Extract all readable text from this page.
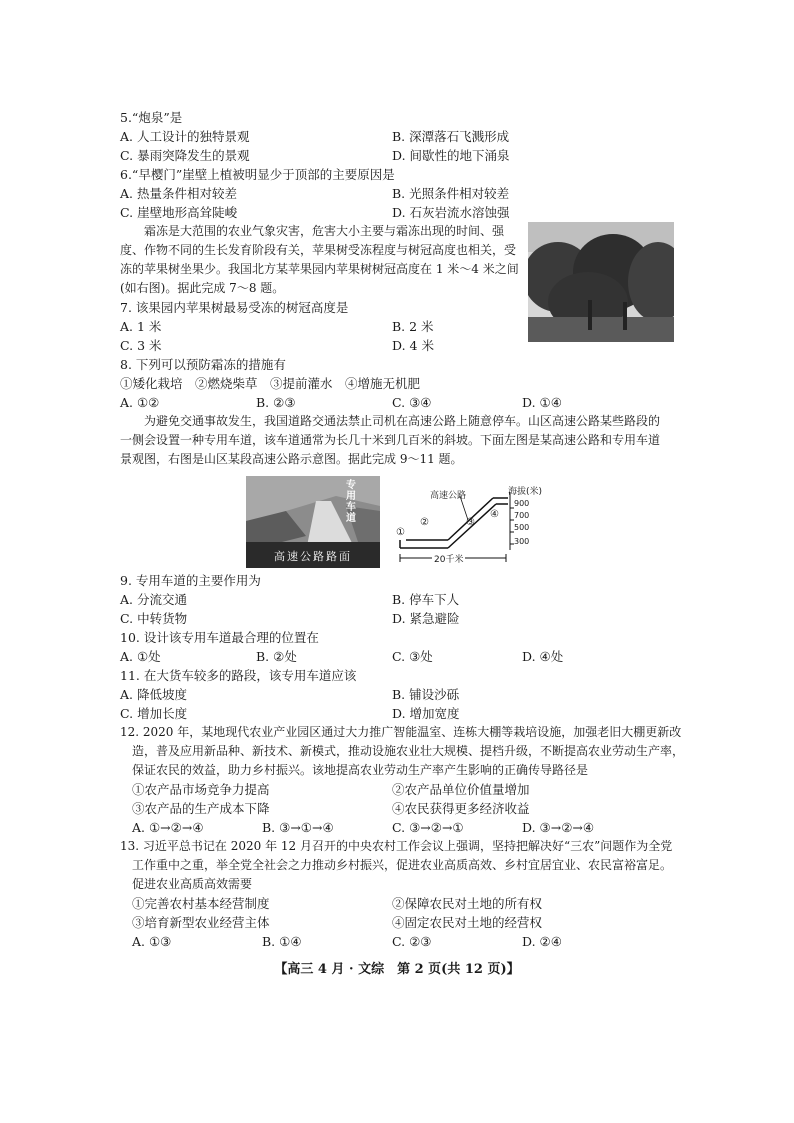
5.“炮泉”是
A. 人工设计的独特景观	B. 深潭落石飞溅形成
C. 暴雨突降发生的景观	D. 间歇性的地下涌泉
6.“早樱门”崖壁上植被明显少于顶部的主要原因是
A. 热量条件相对较差	B. 光照条件相对较差
C. 崖壁地形高耸陡峻	D. 石灰岩流水溶蚀强
霜冻是大范围的农业气象灾害，危害大小主要与霜冻出现的时间、强
度、作物不同的生长发育阶段有关，苹果树受冻程度与树冠高度也相关，受
冻的苹果树坐果少。我国北方某苹果园内苹果树树冠高度在 1 米～4 米之间
(如右图)。据此完成 7～8 题。
7. 该果园内苹果树最易受冻的树冠高度是
A. 1 米	B. 2 米
C. 3 米	D. 4 米
8. 下列可以预防霜冻的措施有
①矮化栽培　②燃烧柴草　③提前灌水　④增施无机肥
A. ①②	B. ②③	C. ③④	D. ①④
为避免交通事故发生，我国道路交通法禁止司机在高速公路上随意停车。山区高速公路某些路段的
一侧会设置一种专用车道，该车道通常为长几十米到几百米的斜坡。下面左图是某高速公路和专用车道
景观图，右图是山区某段高速公路示意图。据此完成 9～11 题。
专用车道
高速公路路面
高速公路	海拔(米)
900
700
500
300
①
②	③
④
20千米
9. 专用车道的主要作用为
A. 分流交通	B. 停车下人
C. 中转货物	D. 紧急避险
10. 设计该专用车道最合理的位置在
A. ①处	B. ②处	C. ③处	D. ④处
11. 在大货车较多的路段，该专用车道应该
A. 降低坡度	B. 铺设沙砾
C. 增加长度	D. 增加宽度
12. 2020 年，某地现代农业产业园区通过大力推广智能温室、连栋大棚等栽培设施，加强老旧大棚更新改
造，普及应用新品种、新技术、新模式，推动设施农业壮大规模、提档升级，不断提高农业劳动生产率，
保证农民的效益，助力乡村振兴。该地提高农业劳动生产率产生影响的正确传导路径是
①农产品市场竞争力提高	②农产品单位价值量增加
③农产品的生产成本下降	④农民获得更多经济收益
A. ①→②→④	B. ③→①→④	C. ③→②→①	D. ③→②→④
13. 习近平总书记在 2020 年 12 月召开的中央农村工作会议上强调，坚持把解决好“三农”问题作为全党
工作重中之重，举全党全社会之力推动乡村振兴，促进农业高质高效、乡村宜居宜业、农民富裕富足。
促进农业高质高效需要
①完善农村基本经营制度	②保障农民对土地的所有权
③培育新型农业经营主体	④固定农民对土地的经营权
A. ①③	B. ①④	C. ②③	D. ②④
【高三 4 月 · 文综　第 2 页(共 12 页)】
